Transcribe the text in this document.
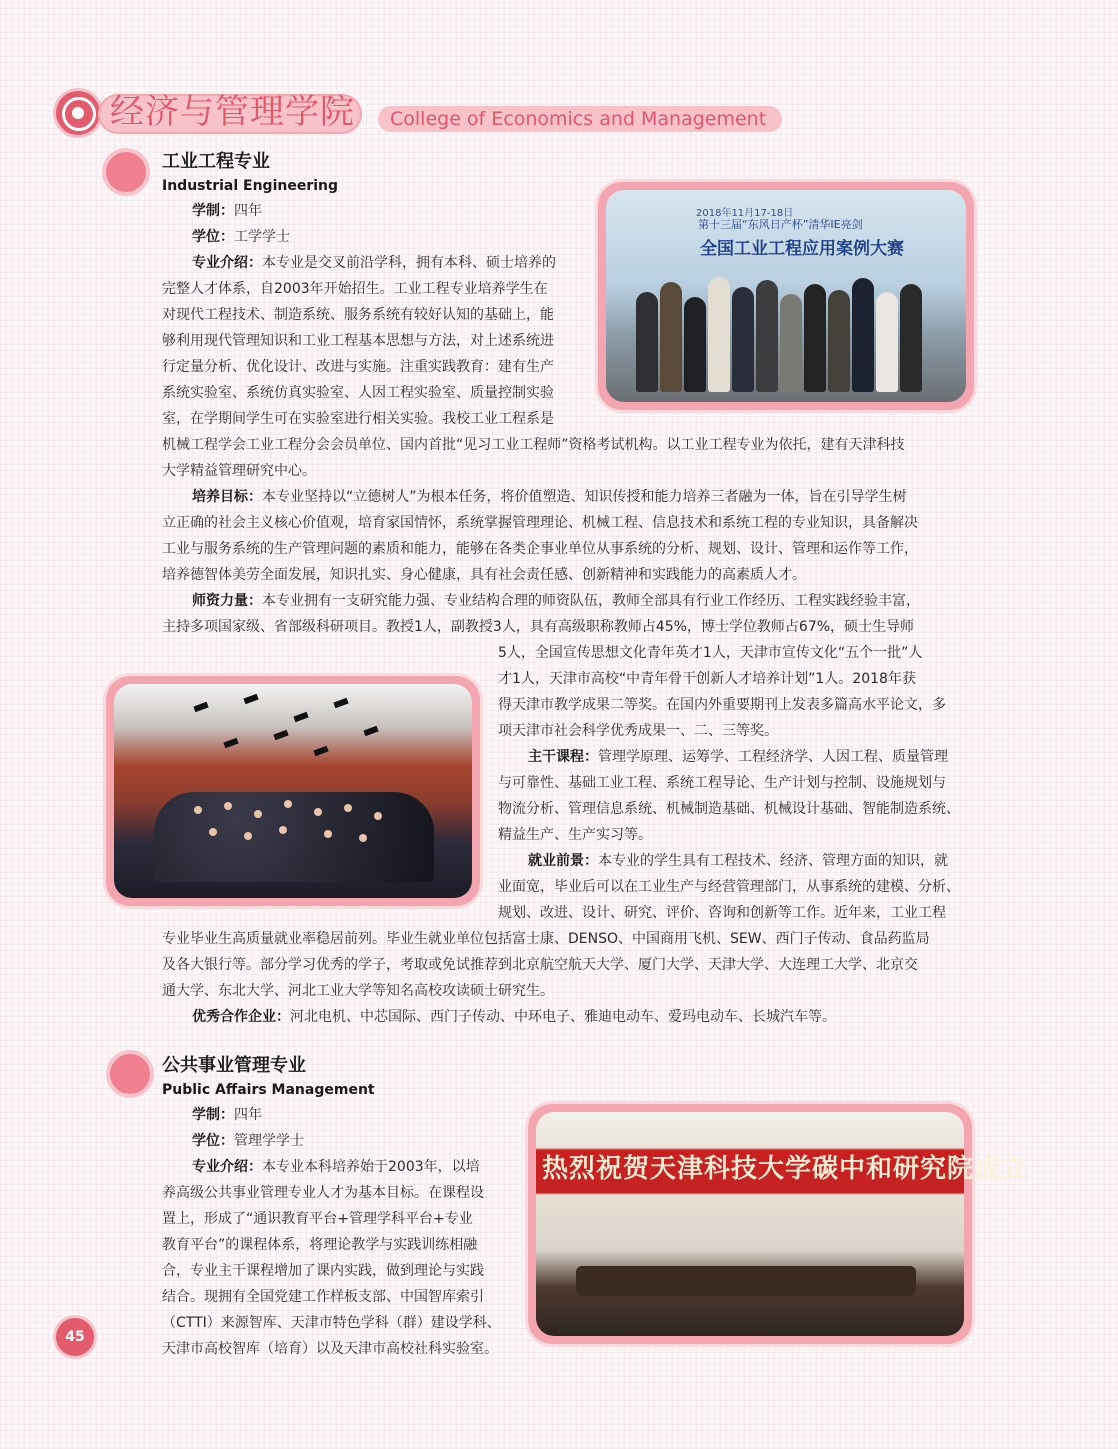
经济与管理学院 College of Economics and Management
工业工程专业
Industrial Engineering
学制：四年
学位：工学学士
专业介绍：本专业是交叉前沿学科，拥有本科、硕士培养的
完整人才体系，自2003年开始招生。工业工程专业培养学生在
对现代工程技术、制造系统、服务系统有较好认知的基础上，能
够利用现代管理知识和工业工程基本思想与方法，对上述系统进
行定量分析、优化设计、改进与实施。注重实践教育：建有生产
系统实验室、系统仿真实验室、人因工程实验室、质量控制实验
室，在学期间学生可在实验室进行相关实验。我校工业工程系是
机械工程学会工业工程分会会员单位、国内首批“见习工业工程师”资格考试机构。以工业工程专业为依托，建有天津科技
大学精益管理研究中心。
培养目标：本专业坚持以“立德树人”为根本任务，将价值塑造、知识传授和能力培养三者融为一体，旨在引导学生树
立正确的社会主义核心价值观，培育家国情怀，系统掌握管理理论、机械工程、信息技术和系统工程的专业知识，具备解决
工业与服务系统的生产管理问题的素质和能力，能够在各类企事业单位从事系统的分析、规划、设计、管理和运作等工作，
培养德智体美劳全面发展，知识扎实、身心健康，具有社会责任感、创新精神和实践能力的高素质人才。
师资力量：本专业拥有一支研究能力强、专业结构合理的师资队伍，教师全部具有行业工作经历、工程实践经验丰富，
主持多项国家级、省部级科研项目。教授1人，副教授3人，具有高级职称教师占45%，博士学位教师占67%，硕士生导师
5人，全国宣传思想文化青年英才1人，天津市宣传文化“五个一批”人
才1人，天津市高校“中青年骨干创新人才培养计划”1人。2018年获
得天津市教学成果二等奖。在国内外重要期刊上发表多篇高水平论文，多
项天津市社会科学优秀成果一、二、三等奖。
主干课程：管理学原理、运筹学、工程经济学、人因工程、质量管理
与可靠性、基础工业工程、系统工程导论、生产计划与控制、设施规划与
物流分析、管理信息系统、机械制造基础、机械设计基础、智能制造系统、
精益生产、生产实习等。
就业前景：本专业的学生具有工程技术、经济、管理方面的知识，就
业面宽，毕业后可以在工业生产与经营管理部门，从事系统的建模、分析、
规划、改进、设计、研究、评价、咨询和创新等工作。近年来，工业工程
专业毕业生高质量就业率稳居前列。毕业生就业单位包括富士康、DENSO、中国商用飞机、SEW、西门子传动、食品药监局
及各大银行等。部分学习优秀的学子，考取或免试推荐到北京航空航天大学、厦门大学、天津大学、大连理工大学、北京交
通大学、东北大学、河北工业大学等知名高校攻读硕士研究生。
优秀合作企业：河北电机、中芯国际、西门子传动、中环电子、雅迪电动车、爱玛电动车、长城汽车等。
2018年11月17-18日
第十三届“东风日产杯”清华IE亮剑
全国工业工程应用案例大赛
公共事业管理专业
Public Affairs Management
学制：四年
学位：管理学学士
专业介绍：本专业本科培养始于2003年，以培
养高级公共事业管理专业人才为基本目标。在课程设
置上，形成了“通识教育平台+管理学科平台+专业
教育平台”的课程体系，将理论教学与实践训练相融
合，专业主干课程增加了课内实践，做到理论与实践
结合。现拥有全国党建工作样板支部、中国智库索引
（CTTI）来源智库、天津市特色学科（群）建设学科、
天津市高校智库（培育）以及天津市高校社科实验室。
热烈祝贺天津科技大学碳中和研究院成立
45
